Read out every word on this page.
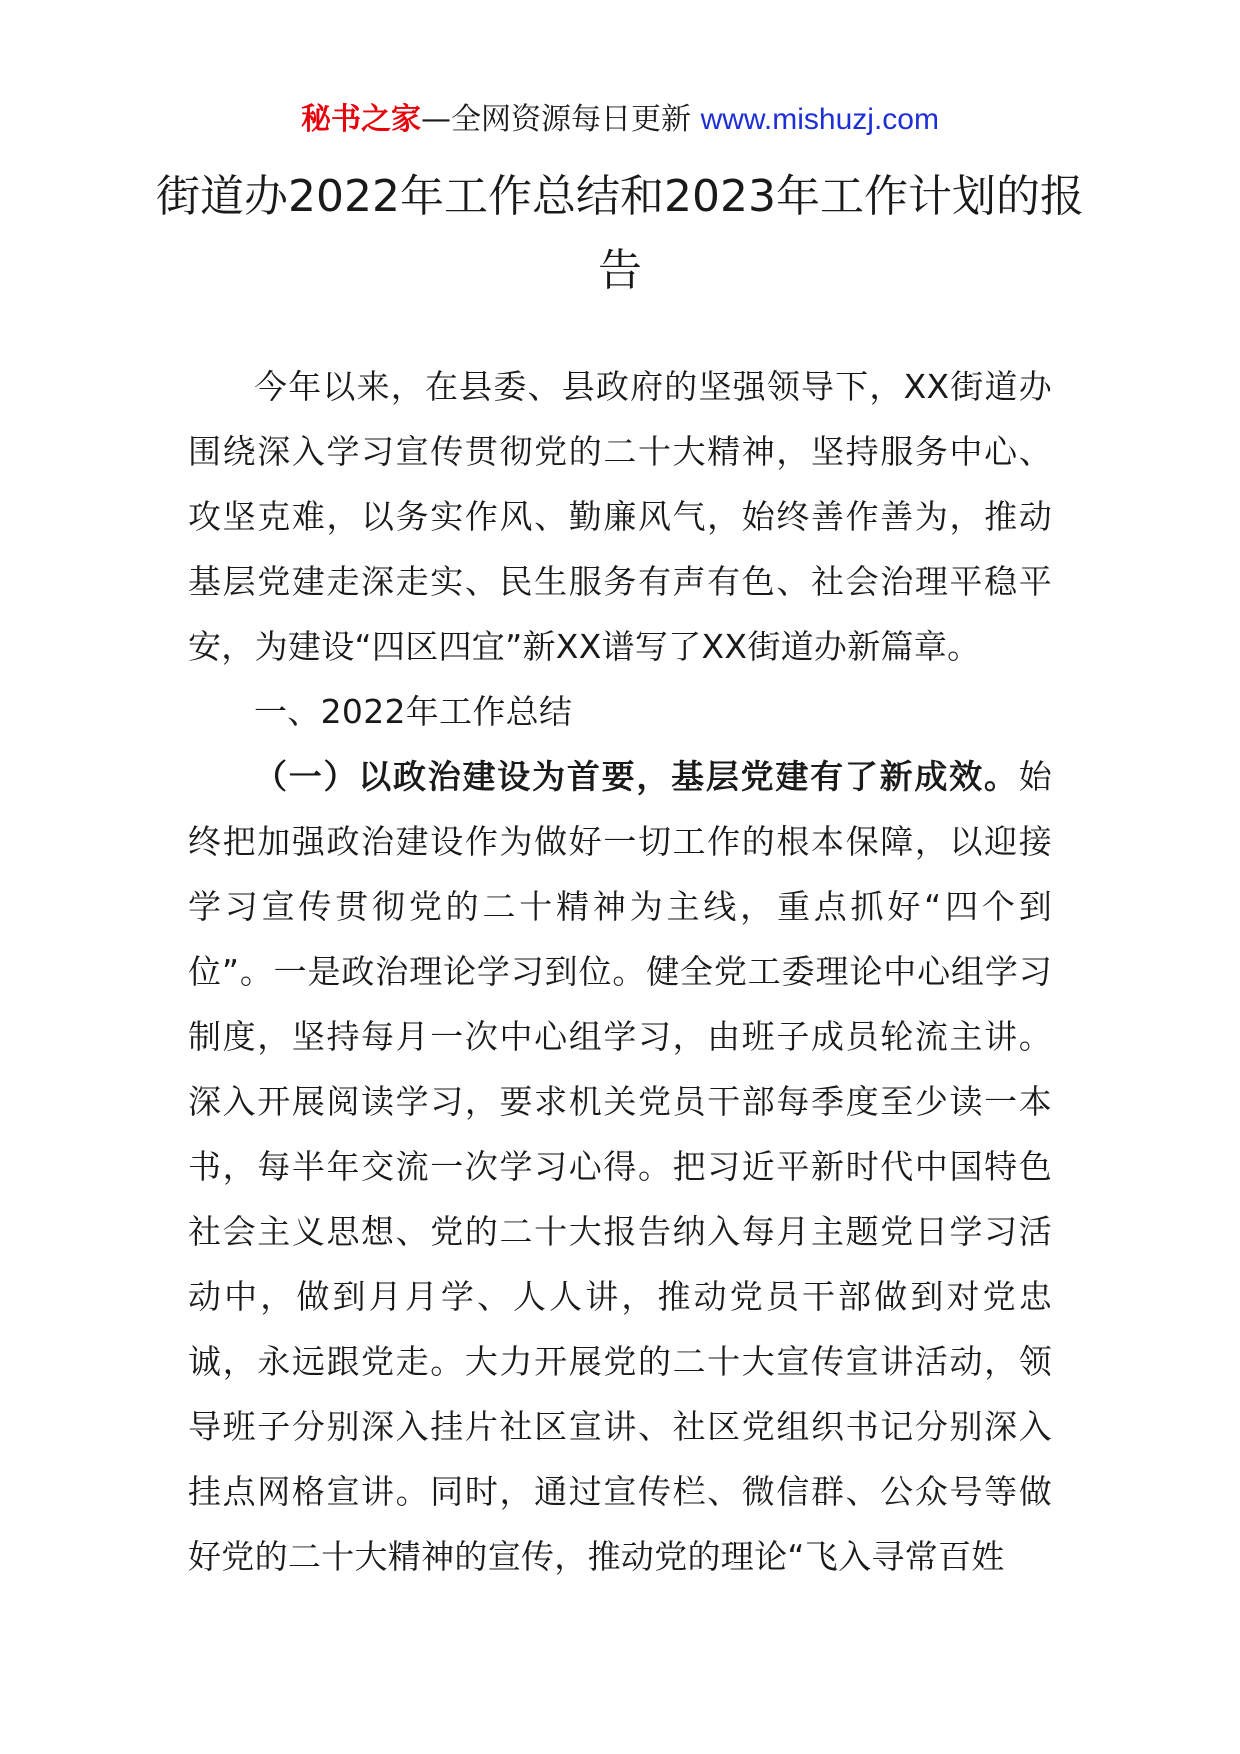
秘书之家—全网资源每日更新 www.mishuzj.com
街道办2022年工作总结和2023年工作计划的报告

今年以来，在县委、县政府的坚强领导下，XX街道办围绕深入学习宣传贯彻党的二十大精神，坚持服务中心、攻坚克难，以务实作风、勤廉风气，始终善作善为，推动基层党建走深走实、民生服务有声有色、社会治理平稳平安，为建设“四区四宜”新XX谱写了XX街道办新篇章。

一、2022年工作总结

（一）以政治建设为首要，基层党建有了新成效。始终把加强政治建设作为做好一切工作的根本保障，以迎接学习宣传贯彻党的二十精神为主线，重点抓好“四个到位”。一是政治理论学习到位。健全党工委理论中心组学习制度，坚持每月一次中心组学习，由班子成员轮流主讲。深入开展阅读学习，要求机关党员干部每季度至少读一本书，每半年交流一次学习心得。把习近平新时代中国特色社会主义思想、党的二十大报告纳入每月主题党日学习活动中，做到月月学、人人讲，推动党员干部做到对党忠诚，永远跟党走。大力开展党的二十大宣传宣讲活动，领导班子分别深入挂片社区宣讲、社区党组织书记分别深入挂点网格宣讲。同时，通过宣传栏、微信群、公众号等做好党的二十大精神的宣传，推动党的理论“飞入寻常百姓
